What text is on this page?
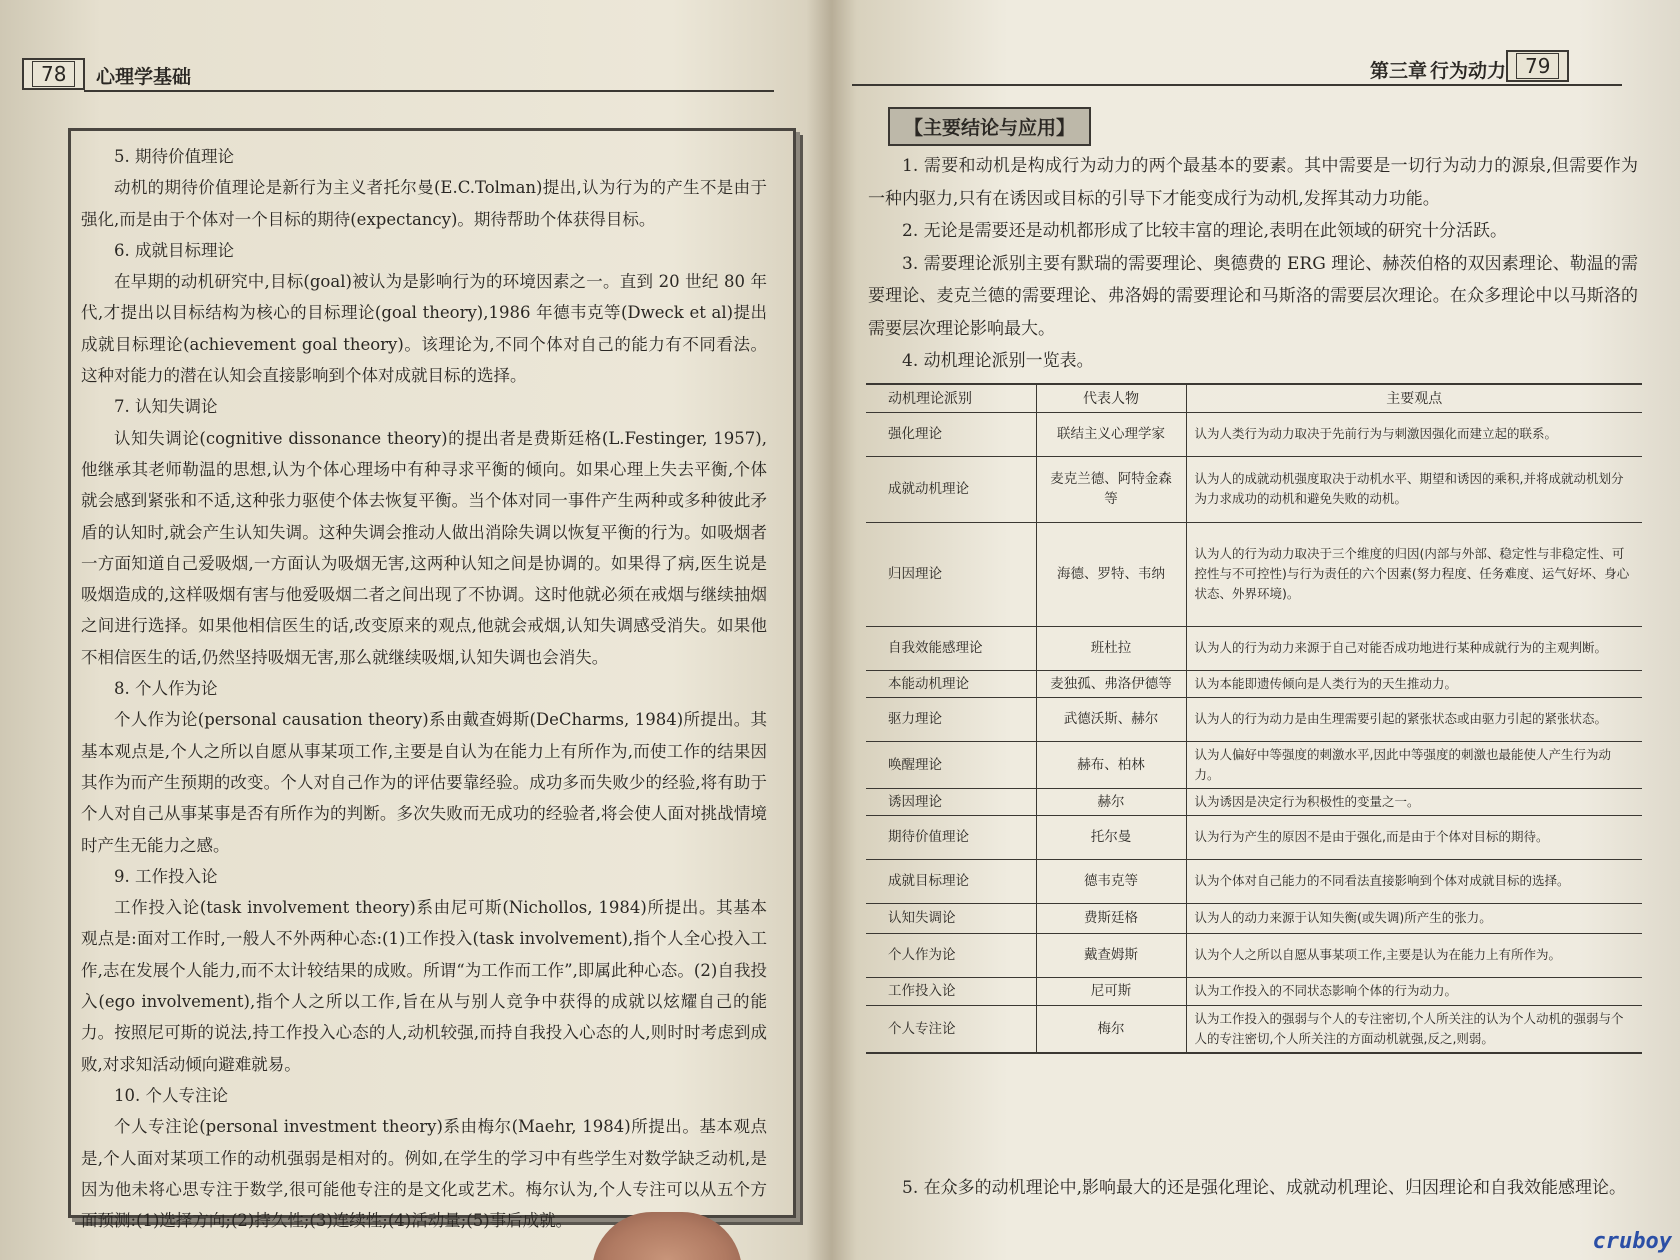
78	心理学基础
5. 期待价值理论

动机的期待价值理论是新行为主义者托尔曼(E.C.Tolman)提出,认为行为的产生不是由于强化,而是由于个体对一个目标的期待(expectancy)。期待帮助个体获得目标。

6. 成就目标理论

在早期的动机研究中,目标(goal)被认为是影响行为的环境因素之一。直到 20 世纪 80 年代,才提出以目标结构为核心的目标理论(goal theory),1986 年德韦克等(Dweck et al)提出成就目标理论(achievement goal theory)。该理论为,不同个体对自己的能力有不同看法。这种对能力的潜在认知会直接影响到个体对成就目标的选择。

7. 认知失调论

认知失调论(cognitive dissonance theory)的提出者是费斯廷格(L.Festinger, 1957),他继承其老师勒温的思想,认为个体心理场中有种寻求平衡的倾向。如果心理上失去平衡,个体就会感到紧张和不适,这种张力驱使个体去恢复平衡。当个体对同一事件产生两种或多种彼此矛盾的认知时,就会产生认知失调。这种失调会推动人做出消除失调以恢复平衡的行为。如吸烟者一方面知道自己爱吸烟,一方面认为吸烟无害,这两种认知之间是协调的。如果得了病,医生说是吸烟造成的,这样吸烟有害与他爱吸烟二者之间出现了不协调。这时他就必须在戒烟与继续抽烟之间进行选择。如果他相信医生的话,改变原来的观点,他就会戒烟,认知失调感受消失。如果他不相信医生的话,仍然坚持吸烟无害,那么就继续吸烟,认知失调也会消失。

8. 个人作为论

个人作为论(personal causation theory)系由戴查姆斯(DeCharms, 1984)所提出。其基本观点是,个人之所以自愿从事某项工作,主要是自认为在能力上有所作为,而使工作的结果因其作为而产生预期的改变。个人对自己作为的评估要靠经验。成功多而失败少的经验,将有助于个人对自己从事某事是否有所作为的判断。多次失败而无成功的经验者,将会使人面对挑战情境时产生无能力之感。

9. 工作投入论

工作投入论(task involvement theory)系由尼可斯(Nichollos, 1984)所提出。其基本观点是:面对工作时,一般人不外两种心态:(1)工作投入(task involvement),指个人全心投入工作,志在发展个人能力,而不太计较结果的成败。所谓“为工作而工作”,即属此种心态。(2)自我投入(ego involvement),指个人之所以工作,旨在从与别人竞争中获得的成就以炫耀自己的能力。按照尼可斯的说法,持工作投入心态的人,动机较强,而持自我投入心态的人,则时时考虑到成败,对求知活动倾向避难就易。

10. 个人专注论

个人专注论(personal investment theory)系由梅尔(Maehr, 1984)所提出。基本观点是,个人面对某项工作的动机强弱是相对的。例如,在学生的学习中有些学生对数学缺乏动机,是因为他未将心思专注于数学,很可能他专注的是文化或艺术。梅尔认为,个人专注可以从五个方面预测:(1)选择方向;(2)持久性;(3)连续性;(4)活动量;(5)事后成就。

第三章 行为动力 79
【主要结论与应用】

1. 需要和动机是构成行为动力的两个最基本的要素。其中需要是一切行为动力的源泉,但需要作为一种内驱力,只有在诱因或目标的引导下才能变成行为动机,发挥其动力功能。

2. 无论是需要还是动机都形成了比较丰富的理论,表明在此领域的研究十分活跃。

3. 需要理论派别主要有默瑞的需要理论、奥德费的 ERG 理论、赫茨伯格的双因素理论、勒温的需要理论、麦克兰德的需要理论、弗洛姆的需要理论和马斯洛的需要层次理论。在众多理论中以马斯洛的需要层次理论影响最大。

4. 动机理论派别一览表。

动机理论派别	代表人物	主要观点
强化理论	联结主义心理学家	认为人类行为动力取决于先前行为与刺激因强化而建立起的联系。
成就动机理论	麦克兰德、阿特金森等	认为人的成就动机强度取决于动机水平、期望和诱因的乘积,并将成就动机划分为力求成功的动机和避免失败的动机。
归因理论	海德、罗特、韦纳	认为人的行为动力取决于三个维度的归因(内部与外部、稳定性与非稳定性、可控性与不可控性)与行为责任的六个因素(努力程度、任务难度、运气好坏、身心状态、外界环境)。
自我效能感理论	班杜拉	认为人的行为动力来源于自己对能否成功地进行某种成就行为的主观判断。
本能动机理论	麦独孤、弗洛伊德等	认为本能即遗传倾向是人类行为的天生推动力。
驱力理论	武德沃斯、赫尔	认为人的行为动力是由生理需要引起的紧张状态或由驱力引起的紧张状态。
唤醒理论	赫布、柏林	认为人偏好中等强度的刺激水平,因此中等强度的刺激也最能使人产生行为动力。
诱因理论	赫尔	认为诱因是决定行为积极性的变量之一。
期待价值理论	托尔曼	认为行为产生的原因不是由于强化,而是由于个体对目标的期待。
成就目标理论	德韦克等	认为个体对自己能力的不同看法直接影响到个体对成就目标的选择。
认知失调论	费斯廷格	认为人的动力来源于认知失衡(或失调)所产生的张力。
个人作为论	戴查姆斯	认为个人之所以自愿从事某项工作,主要是认为在能力上有所作为。
工作投入论	尼可斯	认为工作投入的不同状态影响个体的行为动力。
个人专注论	梅尔	认为工作投入的强弱与个人的专注密切,个人所关注的认为个人动机的强弱与个人的专注密切,个人所关注的方面动机就强,反之,则弱。

5. 在众多的动机理论中,影响最大的还是强化理论、成就动机理论、归因理论和自我效能感理论。

cruboy
